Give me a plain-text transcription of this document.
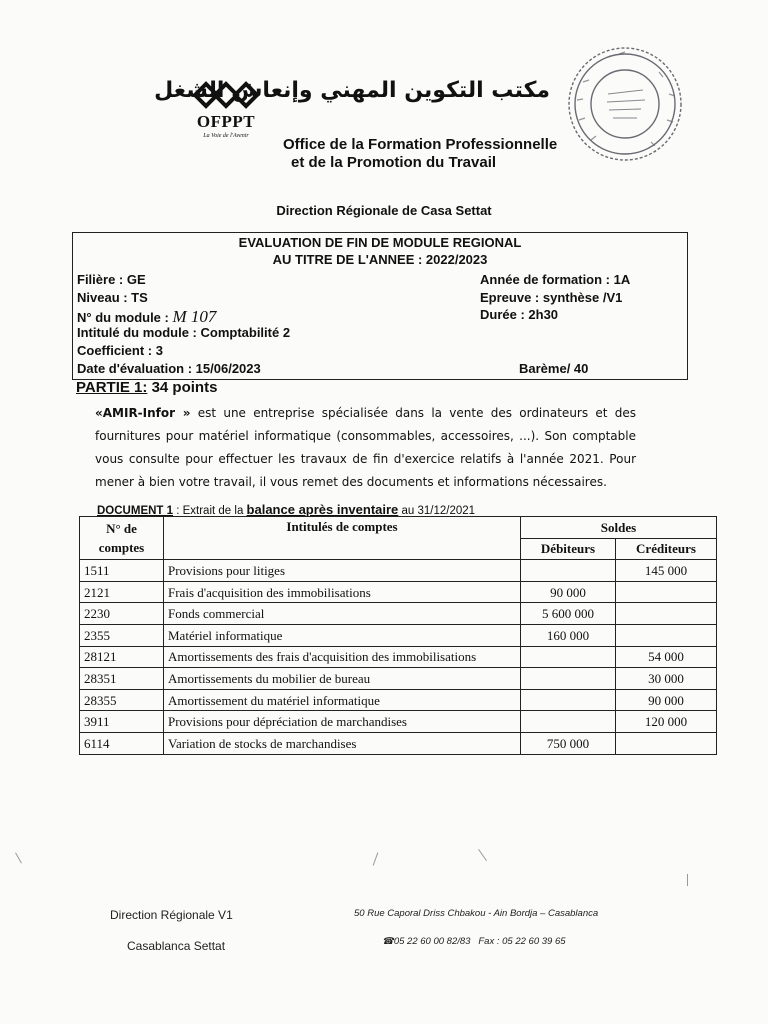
OFPPT
La Voie de l'Avenir
مكتب التكوين المهني وإنعاش الشغل
Office de la Formation Professionnelle
et de la Promotion du Travail
Direction Régionale de Casa Settat
EVALUATION DE FIN DE MODULE REGIONAL
AU TITRE DE L'ANNEE : 2022/2023
Filière : GE	Année de formation : 1A
Niveau : TS	Epreuve : synthèse /V1
N° du module : M 107	Durée : 2h30
Intitulé du module : Comptabilité 2
Coefficient : 3
Date d'évaluation : 15/06/2023	Barème/ 40
PARTIE 1: 34 points
«AMIR-Infor » est une entreprise spécialisée dans la vente des ordinateurs et des fournitures pour matériel informatique (consommables, accessoires, ...). Son comptable vous consulte pour effectuer les travaux de fin d'exercice relatifs à l'année 2021. Pour mener à bien votre travail, il vous remet des documents et informations nécessaires.
DOCUMENT 1 : Extrait de la balance après inventaire au 31/12/2021
N° de
comptes	Intitulés de comptes	Soldes	
		Débiteurs	Créditeurs
1511	Provisions pour litiges		145 000
2121	Frais d'acquisition des immobilisations	90 000	
2230	Fonds commercial	5 600 000	
2355	Matériel informatique	160 000	
28121	Amortissements des frais d'acquisition des immobilisations		54 000
28351	Amortissements du mobilier de bureau		30 000
28355	Amortissement du matériel informatique		90 000
3911	Provisions pour dépréciation de marchandises		120 000
6114	Variation de stocks de marchandises	750 000	
Direction Régionale V1
Casablanca Settat
50 Rue Caporal Driss Chbakou - Ain Bordja – Casablanca
☎05 22 60 00 82/83 Fax : 05 22 60 39 65
